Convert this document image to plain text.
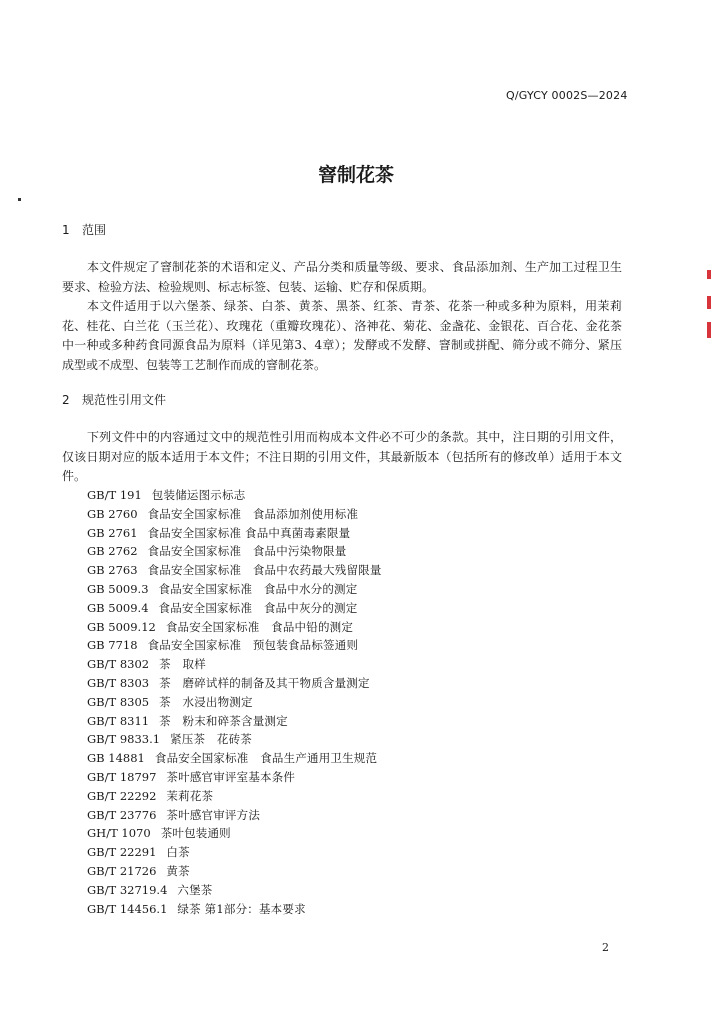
Q/GYCY 0002S—2024
窨制花茶
1 范围

本文件规定了窨制花茶的术语和定义、产品分类和质量等级、要求、食品添加剂、生产加工过程卫生要求、检验方法、检验规则、标志标签、包装、运输、贮存和保质期。

本文件适用于以六堡茶、绿茶、白茶、黄茶、黑茶、红茶、青茶、花茶一种或多种为原料，用茉莉花、桂花、白兰花（玉兰花）、玫瑰花（重瓣玫瑰花）、洛神花、菊花、金盏花、金银花、百合花、金花茶中一种或多种药食同源食品为原料（详见第3、4章）；发酵或不发酵、窨制或拼配、筛分或不筛分、紧压成型或不成型、包装等工艺制作而成的窨制花茶。

2 规范性引用文件

下列文件中的内容通过文中的规范性引用而构成本文件必不可少的条款。其中，注日期的引用文件，仅该日期对应的版本适用于本文件；不注日期的引用文件，其最新版本（包括所有的修改单）适用于本文件。

GB/T 191 包装储运图示标志
GB 2760 食品安全国家标准　食品添加剂使用标准
GB 2761 食品安全国家标准 食品中真菌毒素限量
GB 2762 食品安全国家标准　食品中污染物限量
GB 2763 食品安全国家标准　食品中农药最大残留限量
GB 5009.3 食品安全国家标准　食品中水分的测定
GB 5009.4 食品安全国家标准　食品中灰分的测定
GB 5009.12 食品安全国家标准　食品中铅的测定
GB 7718 食品安全国家标准　预包装食品标签通则
GB/T 8302 茶　取样
GB/T 8303 茶　磨碎试样的制备及其干物质含量测定
GB/T 8305 茶　水浸出物测定
GB/T 8311 茶　粉末和碎茶含量测定
GB/T 9833.1 紧压茶　花砖茶
GB 14881 食品安全国家标准　食品生产通用卫生规范
GB/T 18797 茶叶感官审评室基本条件
GB/T 22292 茉莉花茶
GB/T 23776 茶叶感官审评方法
GH/T 1070 茶叶包装通则
GB/T 22291 白茶
GB/T 21726 黄茶
GB/T 32719.4 六堡茶
GB/T 14456.1 绿茶 第1部分：基本要求
2
